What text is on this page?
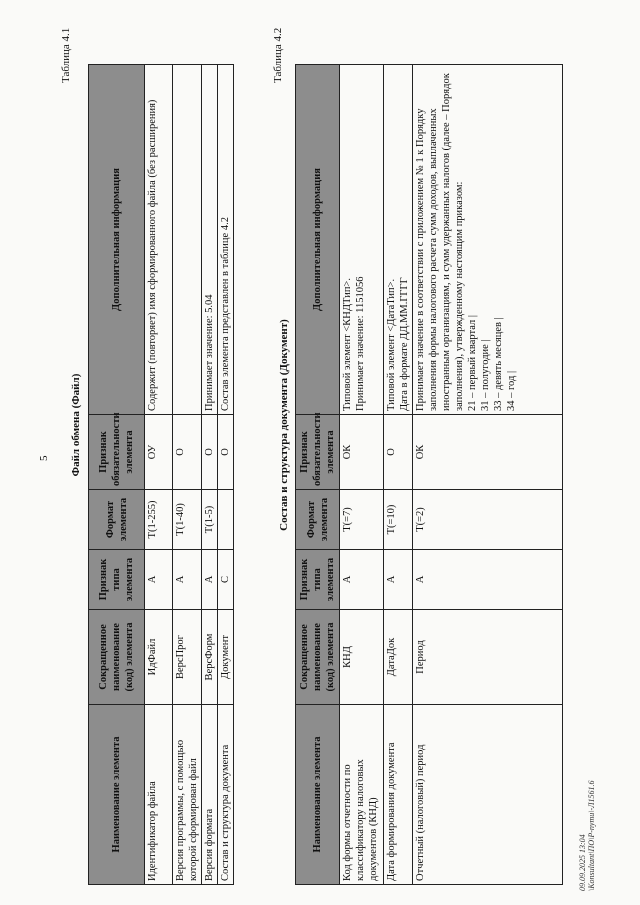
5
Таблица 4.1
Файл обмена (Файл)
Наименование элемента	Сокращенное наименование (код) элемента	Признак типа элемента	Формат элемента	Признак обязательности элемента	Дополнительная информация
Идентификатор файла	ИдФайл	А	Т(1-255)	ОУ	Содержит (повторяет) имя сформированного файла (без расширения)
Версия программы, с помощью которой сформирован файл	ВерсПрог	А	Т(1-40)	О	
Версия формата	ВерсФорм	А	Т(1-5)	О	Принимает значение: 5.04
Состав и структура документа	Документ	С		О	Состав элемента представлен в таблице 4.2
Таблица 4.2
Состав и структура документа (Документ)
Наименование элемента	Сокращенное наименование (код) элемента	Признак типа элемента	Формат элемента	Признак обязательности элемента	Дополнительная информация
Код формы отчетности по классификатору налоговых документов (КНД)	КНД	А	Т(=7)	ОК	Типовой элемент <КНДТип>. Принимает значение: 1151056

Дата формирования документа	ДатаДок	А	Т(=10)	О	Типовой элемент <ДатаТип>. Дата в формате ДД.ММ.ГГГГ

Отчетный (налоговый) период	Период	А	Т(=2)	ОК	Принимает значение в соответствии с приложением № 1 к Порядку заполнения формы налогового расчета сумм доходов, выплаченных иностранным организациям, и сумм удержанных налогов (далее – Порядок заполнения), утвержденному настоящим приказом: 21 – первый квартал | 31 – полугодие | 33 – девять месяцев | 34 – год |
09.09.2025 13:04 \Konsultant\ПО\Р-пути\-Л1561.6
